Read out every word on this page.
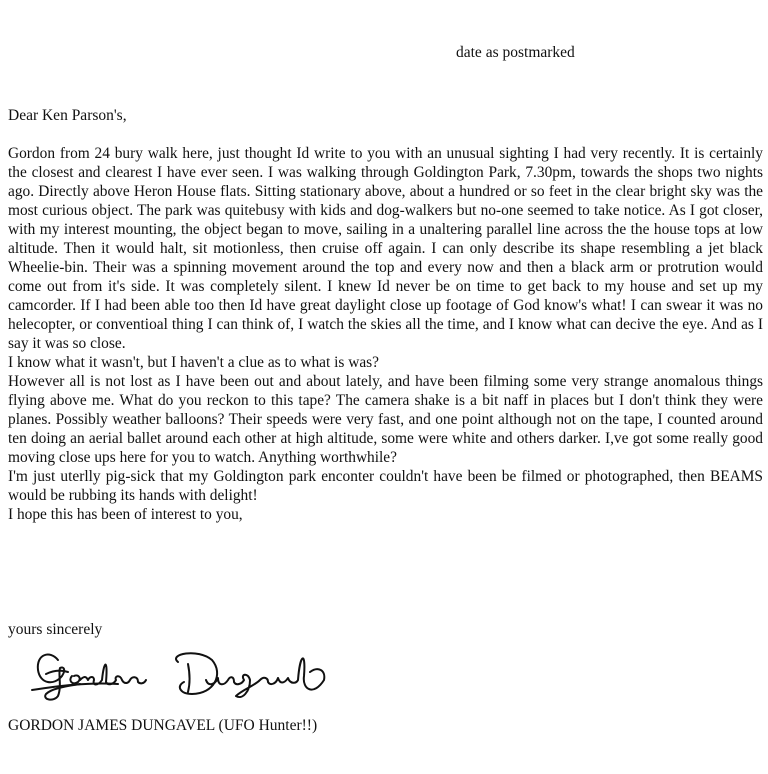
date as postmarked
Dear Ken Parson's,

Gordon from 24 bury walk here, just thought Id write to you with an unusual sighting I had very recently. It is certainly the closest and clearest I have ever seen. I was walking through Goldington Park, 7.30pm, towards the shops two nights ago. Directly above Heron House flats. Sitting stationary above, about a hundred or so feet in the clear bright sky was the most curious object. The park was quitebusy with kids and dog-walkers but no-one seemed to take notice. As I got closer, with my interest mounting, the object began to move, sailing in a unaltering parallel line across the the house tops at low altitude. Then it would halt, sit motionless, then cruise off again. I can only describe its shape resembling a jet black Wheelie-bin. Their was a spinning movement around the top and every now and then a black arm or protrution would come out from it's side. It was completely silent. I knew Id never be on time to get back to my house and set up my camcorder. If I had been able too then Id have great daylight close up footage of God know's what! I can swear it was no helecopter, or conventioal thing I can think of, I watch the skies all the time, and I know what can decive the eye. And as I say it was so close.

I know what it wasn't, but I haven't a clue as to what is was?

However all is not lost as I have been out and about lately, and have been filming some very strange anomalous things flying above me. What do you reckon to this tape? The camera shake is a bit naff in places but I don't think they were planes. Possibly weather balloons? Their speeds were very fast, and one point although not on the tape, I counted around ten doing an aerial ballet around each other at high altitude, some were white and others darker. I,ve got some really good moving close ups here for you to watch. Anything worthwhile?

I'm just uterlly pig-sick that my Goldington park enconter couldn't have been be filmed or photographed, then BEAMS would be rubbing its hands with delight!

I hope this has been of interest to you,

yours sincerely
GORDON JAMES DUNGAVEL (UFO Hunter!!)
